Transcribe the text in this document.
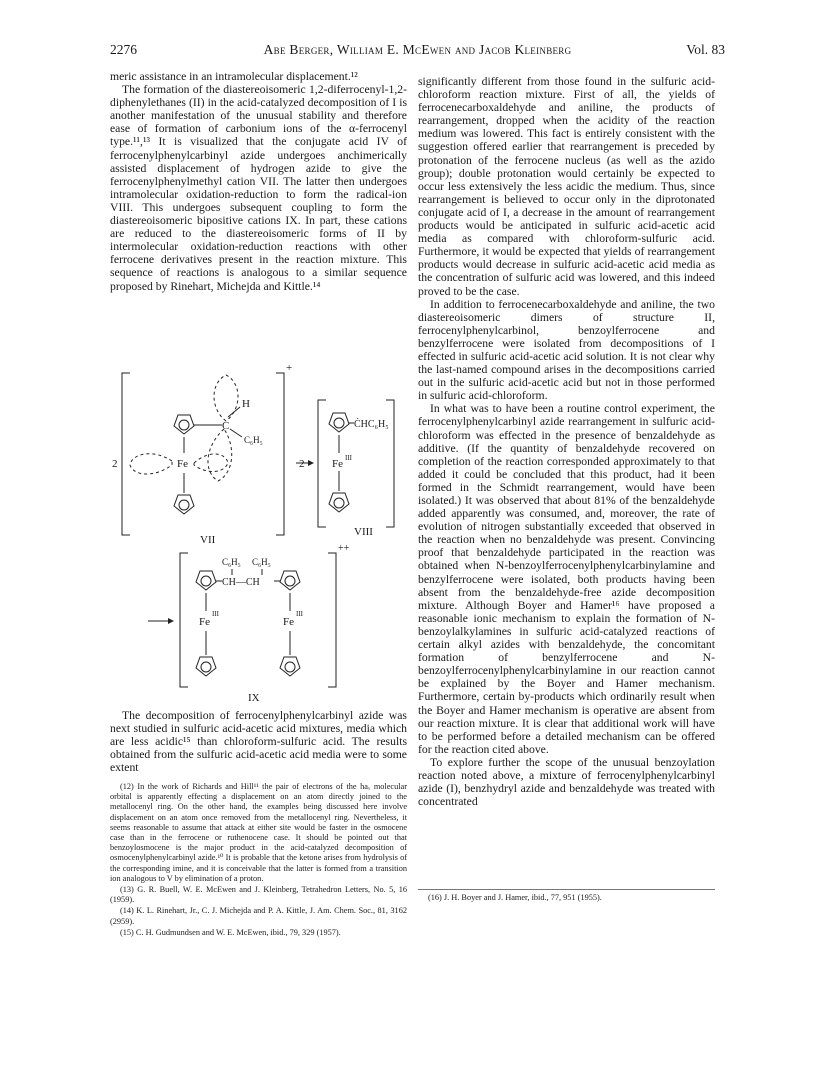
2276	Abe Berger, William E. McEwen and Jacob Kleinberg	Vol. 83

meric assistance in an intramolecular displacement.¹²

The formation of the diastereoisomeric 1,2-diferrocenyl-1,2-diphenylethanes (II) in the acid-catalyzed decomposition of I is another manifestation of the unusual stability and therefore ease of formation of carbonium ions of the α-ferrocenyl type.¹¹,¹³ It is visualized that the conjugate acid IV of ferrocenylphenylcarbinyl azide undergoes anchimerically assisted displacement of hydrogen azide to give the ferrocenylphenylmethyl cation VII. The latter then undergoes intramolecular oxidation-reduction to form the radical-ion VIII. This undergoes subsequent coupling to form the diastereoisomeric bipositive cations IX. In part, these cations are reduced to the diastereoisomeric forms of II by intermolecular oxidation-reduction reactions with other ferrocene derivatives present in the reaction mixture. This sequence of reactions is analogous to a similar sequence proposed by Rinehart, Michejda and Kittle.¹⁴

+
2	Fe
C
H
C₆H₅
VII
2	Fe III
ĊHC₆H₅
VIII
++
C₆H₅ C₆H₅
CH—CH
Fe
III
Fe
III
IX

The decomposition of ferrocenylphenylcarbinyl azide was next studied in sulfuric acid-acetic acid mixtures, media which are less acidic¹⁵ than chloroform-sulfuric acid. The results obtained from the sulfuric acid-acetic acid media were to some extent

(12) In the work of Richards and Hill¹¹ the pair of electrons of the haₓ molecular orbital is apparently effecting a displacement on an atom directly joined to the metallocenyl ring. On the other hand, the examples being discussed here involve displacement on an atom once removed from the metallocenyl ring. Nevertheless, it seems reasonable to assume that attack at either site would be faster in the osmocene case than in the ferrocene or ruthenocene case. It should be pointed out that benzoylosmocene is the major product in the acid-catalyzed decomposition of osmocenylphenylcarbinyl azide.¹⁰ It is probable that the ketone arises from hydrolysis of the corresponding imine, and it is conceivable that the latter is formed from a transition ion analogous to V by elimination of a proton.

(13) G. R. Buell, W. E. McEwen and J. Kleinberg, Tetrahedron Letters, No. 5, 16 (1959).

(14) K. L. Rinehart, Jr., C. J. Michejda and P. A. Kittle, J. Am. Chem. Soc., 81, 3162 (2959).

(15) C. H. Gudmundsen and W. E. McEwen, ibid., 79, 329 (1957).

significantly different from those found in the sulfuric acid-chloroform reaction mixture. First of all, the yields of ferrocenecarboxaldehyde and aniline, the products of rearrangement, dropped when the acidity of the reaction medium was lowered. This fact is entirely consistent with the suggestion offered earlier that rearrangement is preceded by protonation of the ferrocene nucleus (as well as the azido group); double protonation would certainly be expected to occur less extensively the less acidic the medium. Thus, since rearrangement is believed to occur only in the diprotonated conjugate acid of I, a decrease in the amount of rearrangement products would be anticipated in sulfuric acid-acetic acid media as compared with chloroform-sulfuric acid. Furthermore, it would be expected that yields of rearrangement products would decrease in sulfuric acid-acetic acid media as the concentration of sulfuric acid was lowered, and this indeed proved to be the case.

In addition to ferrocenecarboxaldehyde and aniline, the two diastereoisomeric dimers of structure II, ferrocenylphenylcarbinol, benzoylferrocene and benzylferrocene were isolated from decompositions of I effected in sulfuric acid-acetic acid solution. It is not clear why the last-named compound arises in the decompositions carried out in the sulfuric acid-acetic acid but not in those performed in sulfuric acid-chloroform.

In what was to have been a routine control experiment, the ferrocenylphenylcarbinyl azide rearrangement in sulfuric acid-chloroform was effected in the presence of benzaldehyde as additive. (If the quantity of benzaldehyde recovered on completion of the reaction corresponded approximately to that added it could be concluded that this product, had it been formed in the Schmidt rearrangement, would have been isolated.) It was observed that about 81% of the benzaldehyde added apparently was consumed, and, moreover, the rate of evolution of nitrogen substantially exceeded that observed in the reaction when no benzaldehyde was present. Convincing proof that benzaldehyde participated in the reaction was obtained when N-benzoylferrocenylphenylcarbinylamine and benzylferrocene were isolated, both products having been absent from the benzaldehyde-free azide decomposition mixture. Although Boyer and Hamer¹⁶ have proposed a reasonable ionic mechanism to explain the formation of N-benzoylalkylamines in sulfuric acid-catalyzed reactions of certain alkyl azides with benzaldehyde, the concomitant formation of benzylferrocene and N-benzoylferrocenylphenylcarbinylamine in our reaction cannot be explained by the Boyer and Hamer mechanism. Furthermore, certain by-products which ordinarily result when the Boyer and Hamer mechanism is operative are absent from our reaction mixture. It is clear that additional work will have to be performed before a detailed mechanism can be offered for the reaction cited above.

To explore further the scope of the unusual benzoylation reaction noted above, a mixture of ferrocenylphenylcarbinyl azide (I), benzhydryl azide and benzaldehyde was treated with concentrated

(16) J. H. Boyer and J. Hamer, ibid., 77, 951 (1955).
